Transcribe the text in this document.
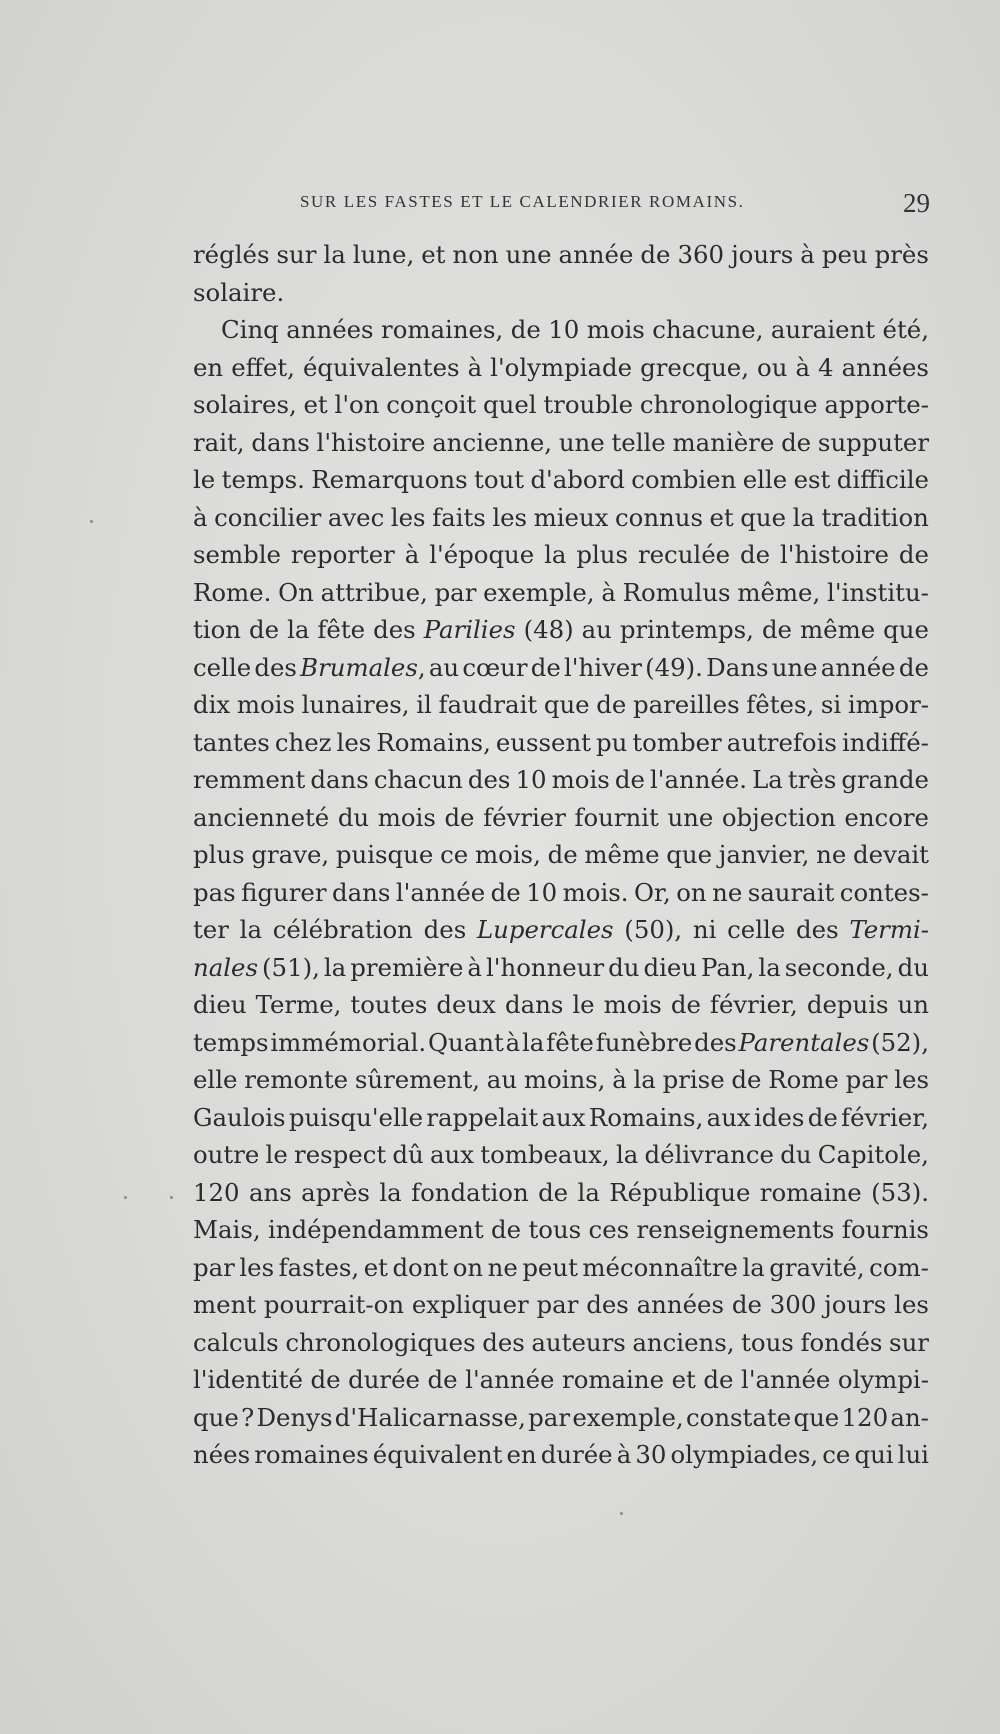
SUR LES FASTES ET LE CALENDRIER ROMAINS.	29
réglés sur la lune, et non une année de 360 jours à peu près
solaire.
Cinq années romaines, de 10 mois chacune, auraient été,
en effet, équivalentes à l'olympiade grecque, ou à 4 années
solaires, et l'on conçoit quel trouble chronologique apporte-
rait, dans l'histoire ancienne, une telle manière de supputer
le temps. Remarquons tout d'abord combien elle est difficile
à concilier avec les faits les mieux connus et que la tradition
semble reporter à l'époque la plus reculée de l'histoire de
Rome. On attribue, par exemple, à Romulus même, l'institu-
tion de la fête des Parilies (48) au printemps, de même que
celle des Brumales, au cœur de l'hiver (49). Dans une année de
dix mois lunaires, il faudrait que de pareilles fêtes, si impor-
tantes chez les Romains, eussent pu tomber autrefois indiffé-
remment dans chacun des 10 mois de l'année. La très grande
ancienneté du mois de février fournit une objection encore
plus grave, puisque ce mois, de même que janvier, ne devait
pas figurer dans l'année de 10 mois. Or, on ne saurait contes-
ter la célébration des Lupercales (50), ni celle des Termi-
nales (51), la première à l'honneur du dieu Pan, la seconde, du
dieu Terme, toutes deux dans le mois de février, depuis un
temps immémorial. Quant à la fête funèbre des Parentales (52),
elle remonte sûrement, au moins, à la prise de Rome par les
Gaulois puisqu'elle rappelait aux Romains, aux ides de février,
outre le respect dû aux tombeaux, la délivrance du Capitole,
120 ans après la fondation de la République romaine (53).
Mais, indépendamment de tous ces renseignements fournis
par les fastes, et dont on ne peut méconnaître la gravité, com-
ment pourrait-on expliquer par des années de 300 jours les
calculs chronologiques des auteurs anciens, tous fondés sur
l'identité de durée de l'année romaine et de l'année olympi-
que ? Denys d'Halicarnasse, par exemple, constate que 120 an-
nées romaines équivalent en durée à 30 olympiades, ce qui lui
